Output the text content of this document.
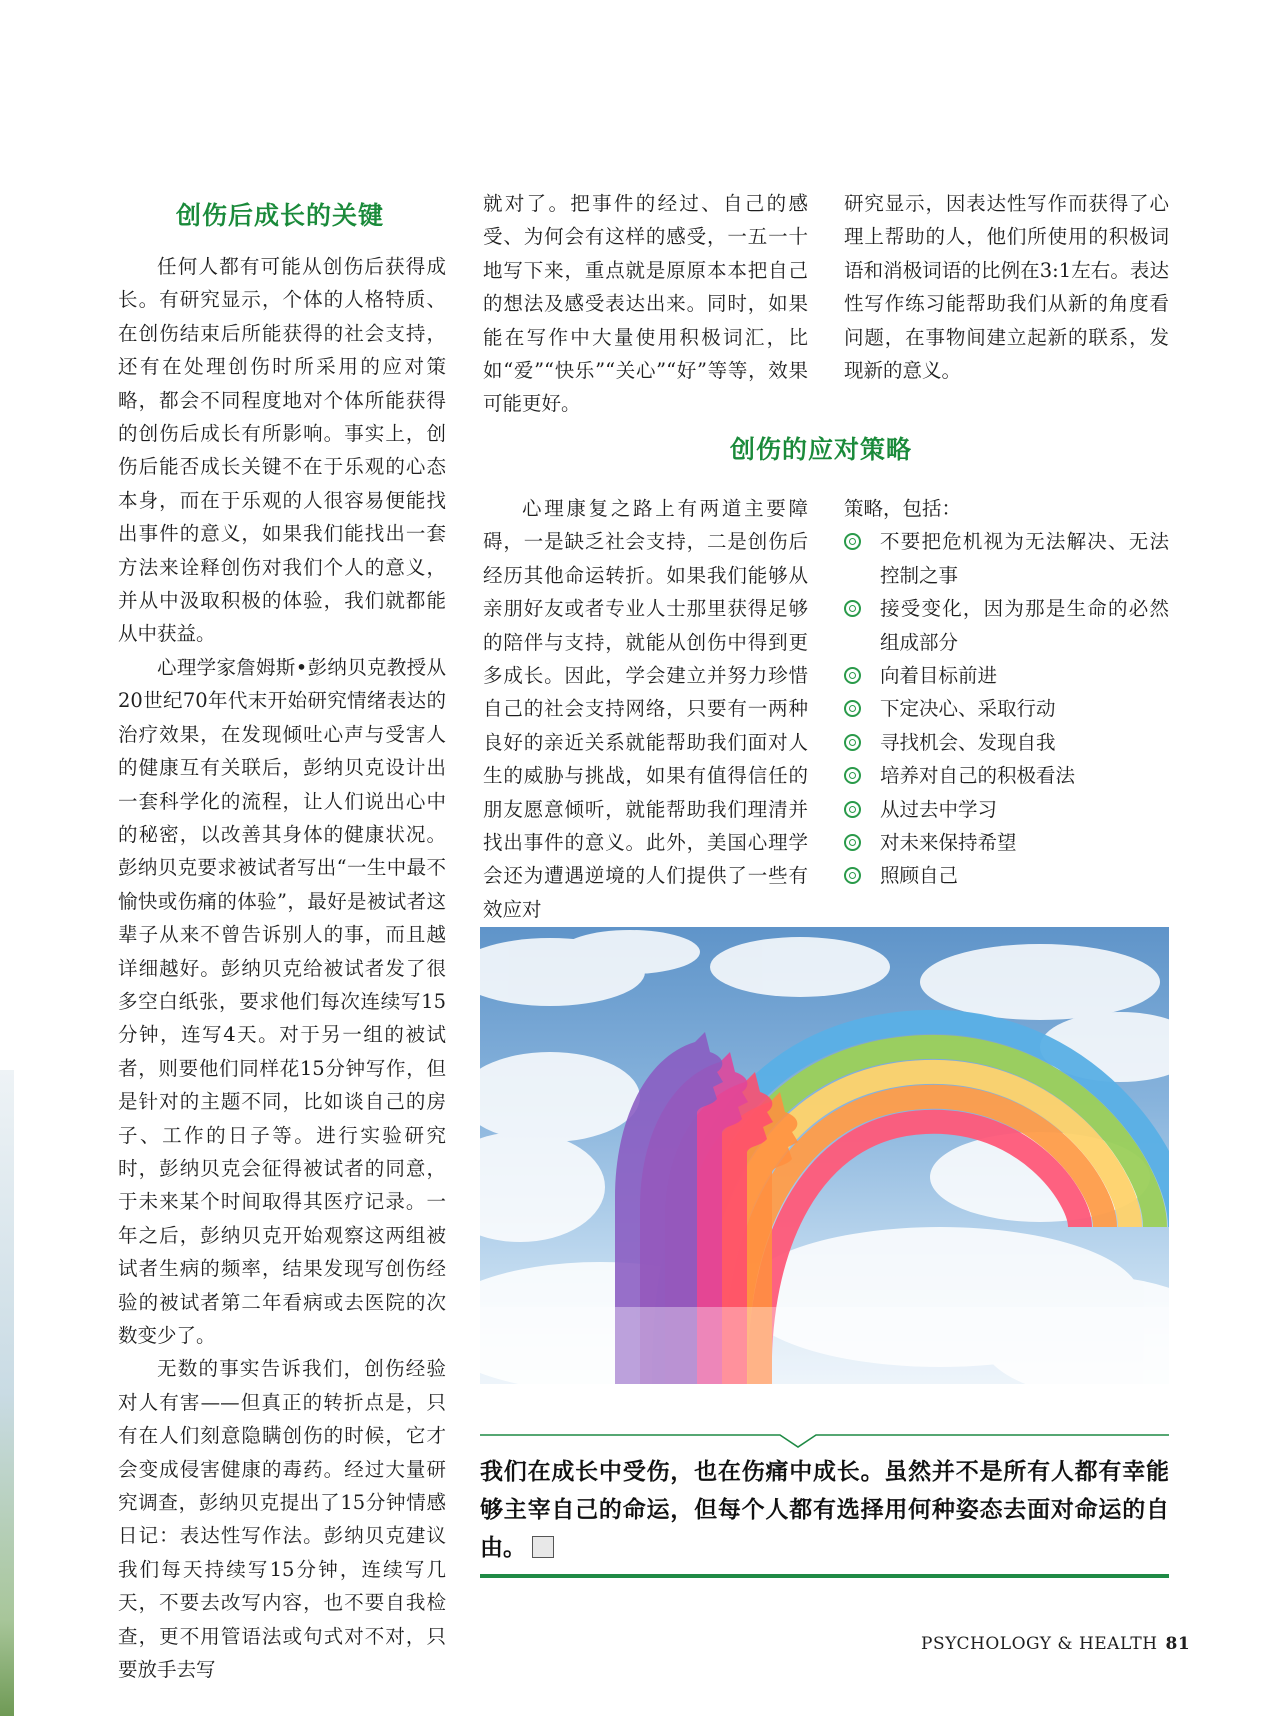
创伤后成长的关键

任何人都有可能从创伤后获得成长。有研究显示，个体的人格特质、在创伤结束后所能获得的社会支持，还有在处理创伤时所采用的应对策略，都会不同程度地对个体所能获得的创伤后成长有所影响。事实上，创伤后能否成长关键不在于乐观的心态本身，而在于乐观的人很容易便能找出事件的意义，如果我们能找出一套方法来诠释创伤对我们个人的意义，并从中汲取积极的体验，我们就都能从中获益。

心理学家詹姆斯•彭纳贝克教授从20世纪70年代末开始研究情绪表达的治疗效果，在发现倾吐心声与受害人的健康互有关联后，彭纳贝克设计出一套科学化的流程，让人们说出心中的秘密，以改善其身体的健康状况。彭纳贝克要求被试者写出“一生中最不愉快或伤痛的体验”，最好是被试者这辈子从来不曾告诉别人的事，而且越详细越好。彭纳贝克给被试者发了很多空白纸张，要求他们每次连续写15分钟，连写4天。对于另一组的被试者，则要他们同样花15分钟写作，但是针对的主题不同，比如谈自己的房子、工作的日子等。进行实验研究时，彭纳贝克会征得被试者的同意，于未来某个时间取得其医疗记录。一年之后，彭纳贝克开始观察这两组被试者生病的频率，结果发现写创伤经验的被试者第二年看病或去医院的次数变少了。

无数的事实告诉我们，创伤经验对人有害——但真正的转折点是，只有在人们刻意隐瞒创伤的时候，它才会变成侵害健康的毒药。经过大量研究调查，彭纳贝克提出了15分钟情感日记：表达性写作法。彭纳贝克建议我们每天持续写15分钟，连续写几天，不要去改写内容，也不要自我检查，更不用管语法或句式对不对，只要放手去写

就对了。把事件的经过、自己的感受、为何会有这样的感受，一五一十地写下来，重点就是原原本本把自己的想法及感受表达出来。同时，如果能在写作中大量使用积极词汇，比如“爱”“快乐”“关心”“好”等等，效果可能更好。

研究显示，因表达性写作而获得了心理上帮助的人，他们所使用的积极词语和消极词语的比例在3:1左右。表达性写作练习能帮助我们从新的角度看问题，在事物间建立起新的联系，发现新的意义。

创伤的应对策略

心理康复之路上有两道主要障碍，一是缺乏社会支持，二是创伤后经历其他命运转折。如果我们能够从亲朋好友或者专业人士那里获得足够的陪伴与支持，就能从创伤中得到更多成长。因此，学会建立并努力珍惜自己的社会支持网络，只要有一两种良好的亲近关系就能帮助我们面对人生的威胁与挑战，如果有值得信任的朋友愿意倾听，就能帮助我们理清并找出事件的意义。此外，美国心理学会还为遭遇逆境的人们提供了一些有效应对

策略，包括：

不要把危机视为无法解决、无法控制之事
接受变化，因为那是生命的必然组成部分
向着目标前进
下定决心、采取行动
寻找机会、发现自我
培养对自己的积极看法
从过去中学习
对未来保持希望
照顾自己
我们在成长中受伤，也在伤痛中成长。虽然并不是所有人都有幸能够主宰自己的命运，但每个人都有选择用何种姿态去面对命运的自由。
PSYCHOLOGY & HEALTH 81
